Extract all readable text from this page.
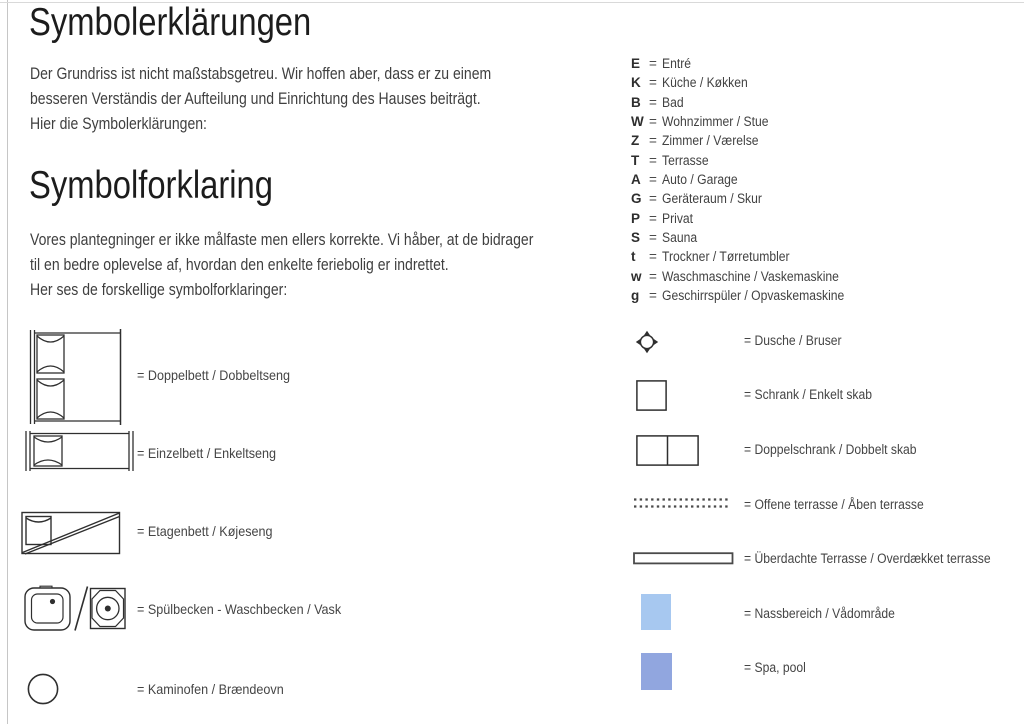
Symbolerklärungen
Der Grundriss ist nicht maßstabsgetreu. Wir hoffen aber, dass er zu einem
besseren Verständis der Aufteilung und Einrichtung des Hauses beiträgt.
Hier die Symbolerklärungen:
Symbolforklaring
Vores plantegninger er ikke målfaste men ellers korrekte. Vi håber, at de bidrager
til en bedre oplevelse af, hvordan den enkelte feriebolig er indrettet.
Her ses de forskellige symbolforklaringer:
E = Entré
K = Küche / Køkken
B = Bad
W = Wohnzimmer / Stue
Z = Zimmer / Værelse
T = Terrasse
A = Auto / Garage
G = Geräteraum / Skur
P = Privat
S = Sauna
t	= Trockner / Tørretumbler
w = Waschmaschine / Vaskemaskine
g = Geschirrspüler / Opvaskemaskine
= Doppelbett / Dobbeltseng
= Einzelbett / Enkeltseng
= Etagenbett / Køjeseng
= Spülbecken - Waschbecken / Vask
= Kaminofen / Brændeovn
= Dusche / Bruser
= Schrank / Enkelt skab
= Doppelschrank / Dobbelt skab
= Offene terrasse / Åben terrasse
= Überdachte Terrasse / Overdækket terrasse
= Nassbereich / Vådområde
= Spa, pool
